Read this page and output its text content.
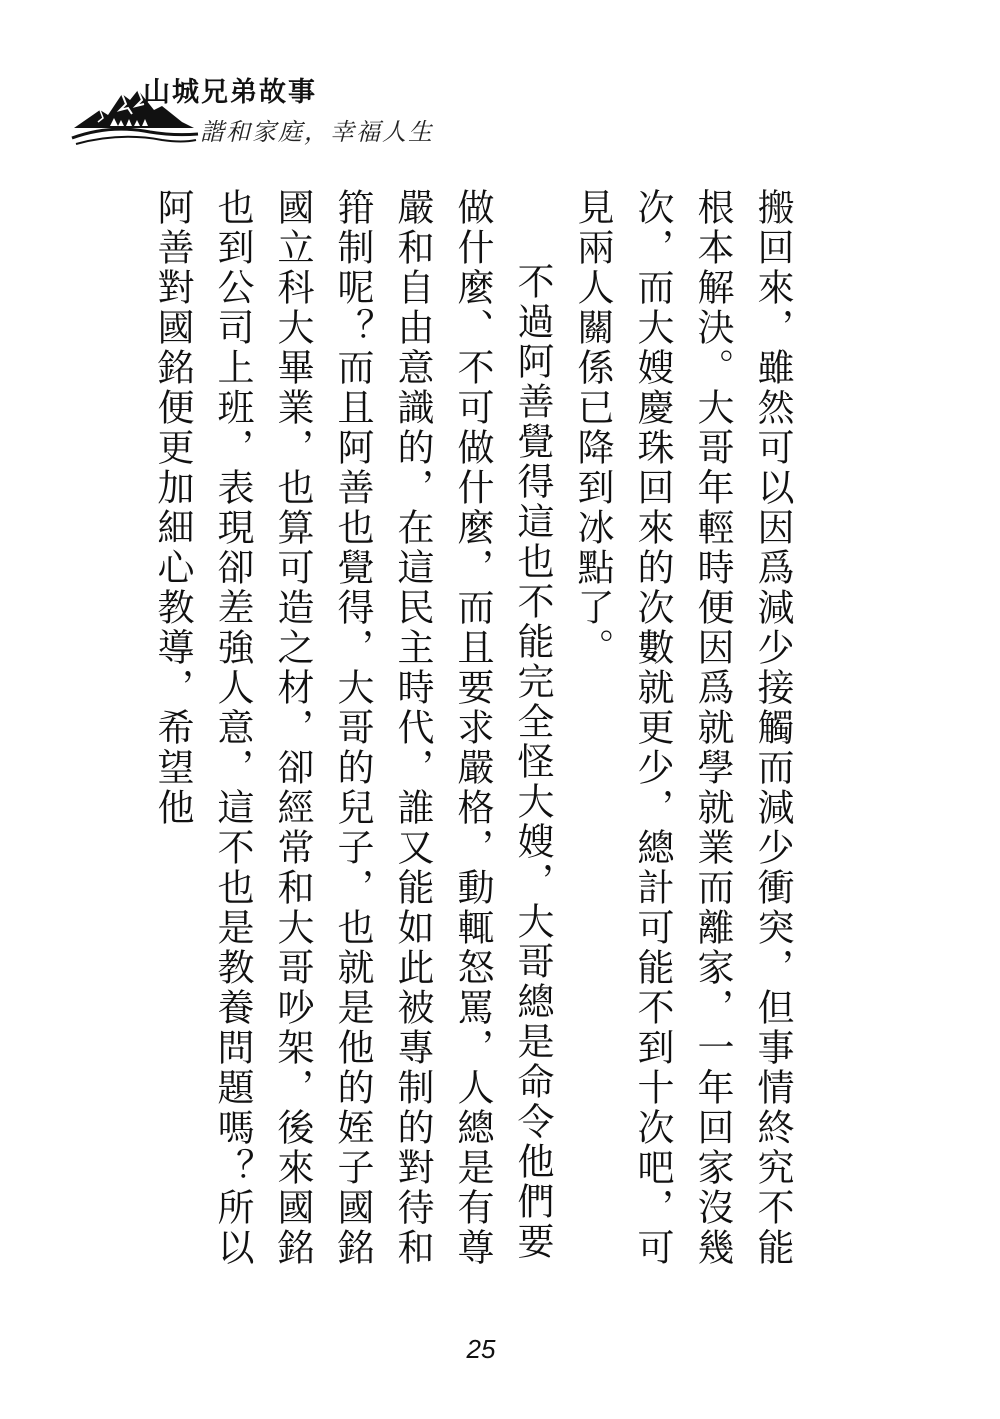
山城兄弟故事
諧和家庭，幸福人生

搬回來，雖然可以因爲減少接觸而減少衝突，但事情終究不能根本解決。大哥年輕時便因爲就學就業而離家，一年回家沒幾次，而大嫂慶珠回來的次數就更少，總計可能不到十次吧，可見兩人關係已降到冰點了。

不過阿善覺得這也不能完全怪大嫂，大哥總是命令他們要做什麼、不可做什麼，而且要求嚴格，動輒怒罵，人總是有尊嚴和自由意識的，在這民主時代，誰又能如此被專制的對待和箝制呢？而且阿善也覺得，大哥的兒子，也就是他的姪子國銘國立科大畢業，也算可造之材，卻經常和大哥吵架，後來國銘也到公司上班，表現卻差強人意，這不也是教養問題嗎？所以阿善對國銘便更加細心教導，希望他

25
